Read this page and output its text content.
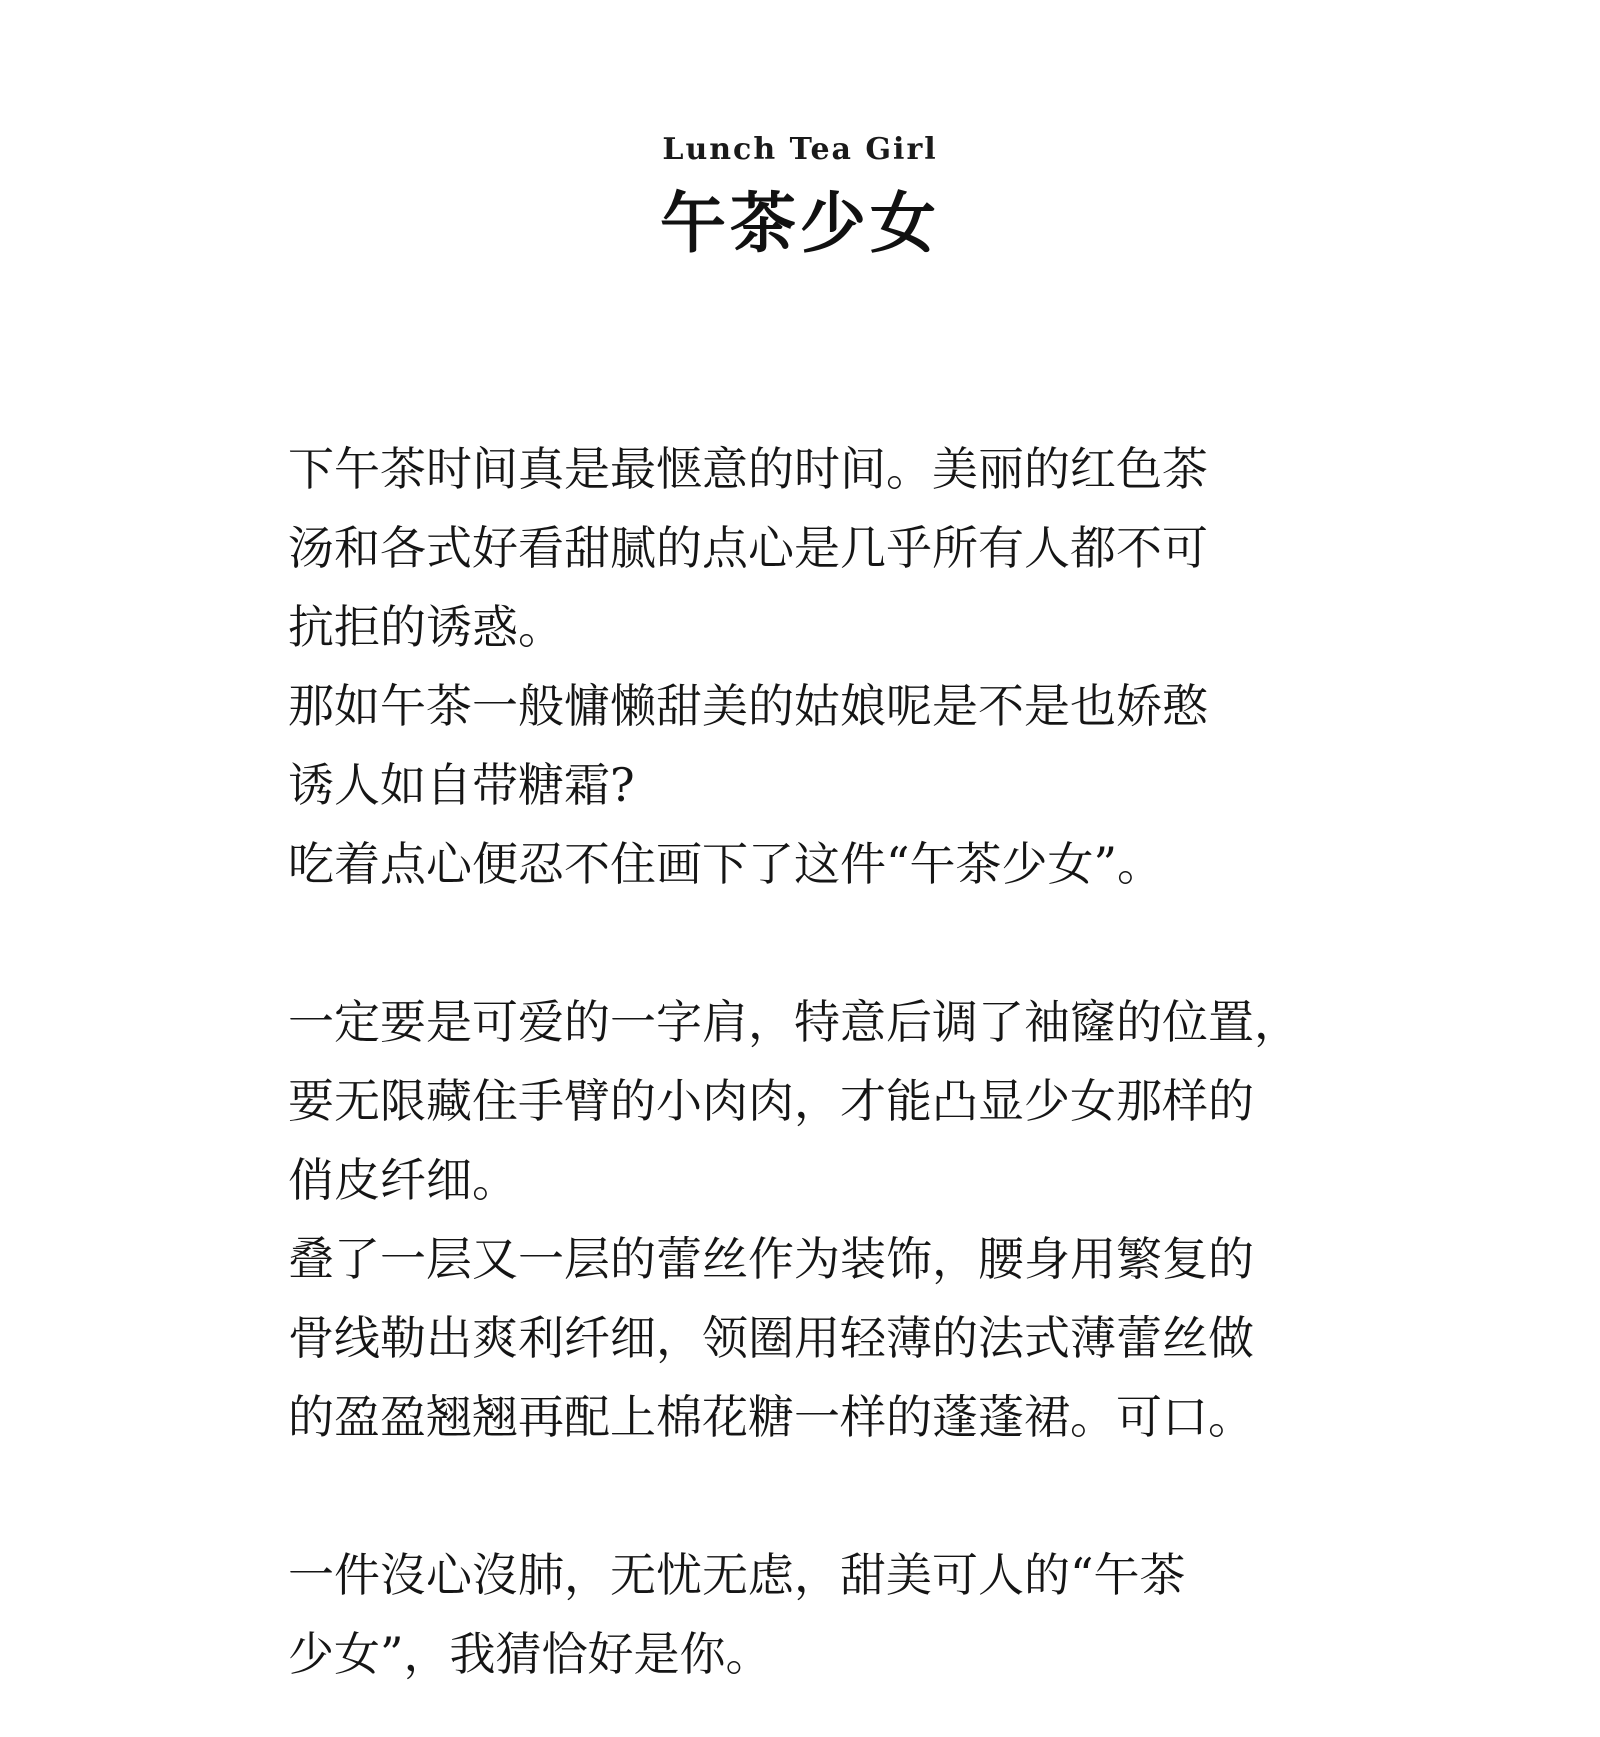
Lunch Tea Girl
午茶少女
下午茶时间真是最惬意的时间。美丽的红色茶
汤和各式好看甜腻的点心是几乎所有人都不可
抗拒的诱惑。
那如午茶一般慵懒甜美的姑娘呢是不是也娇憨
诱人如自带糖霜?
吃着点心便忍不住画下了这件“午茶少女”。
一定要是可爱的一字肩，特意后调了袖窿的位置，
要无限藏住手臂的小肉肉，才能凸显少女那样的
俏皮纤细。
叠了一层又一层的蕾丝作为装饰，腰身用繁复的
骨线勒出爽利纤细，领圈用轻薄的法式薄蕾丝做
的盈盈翘翘再配上棉花糖一样的蓬蓬裙。可口。
一件沒心沒肺，无忧无虑，甜美可人的“午茶
少女”，我猜恰好是你。
